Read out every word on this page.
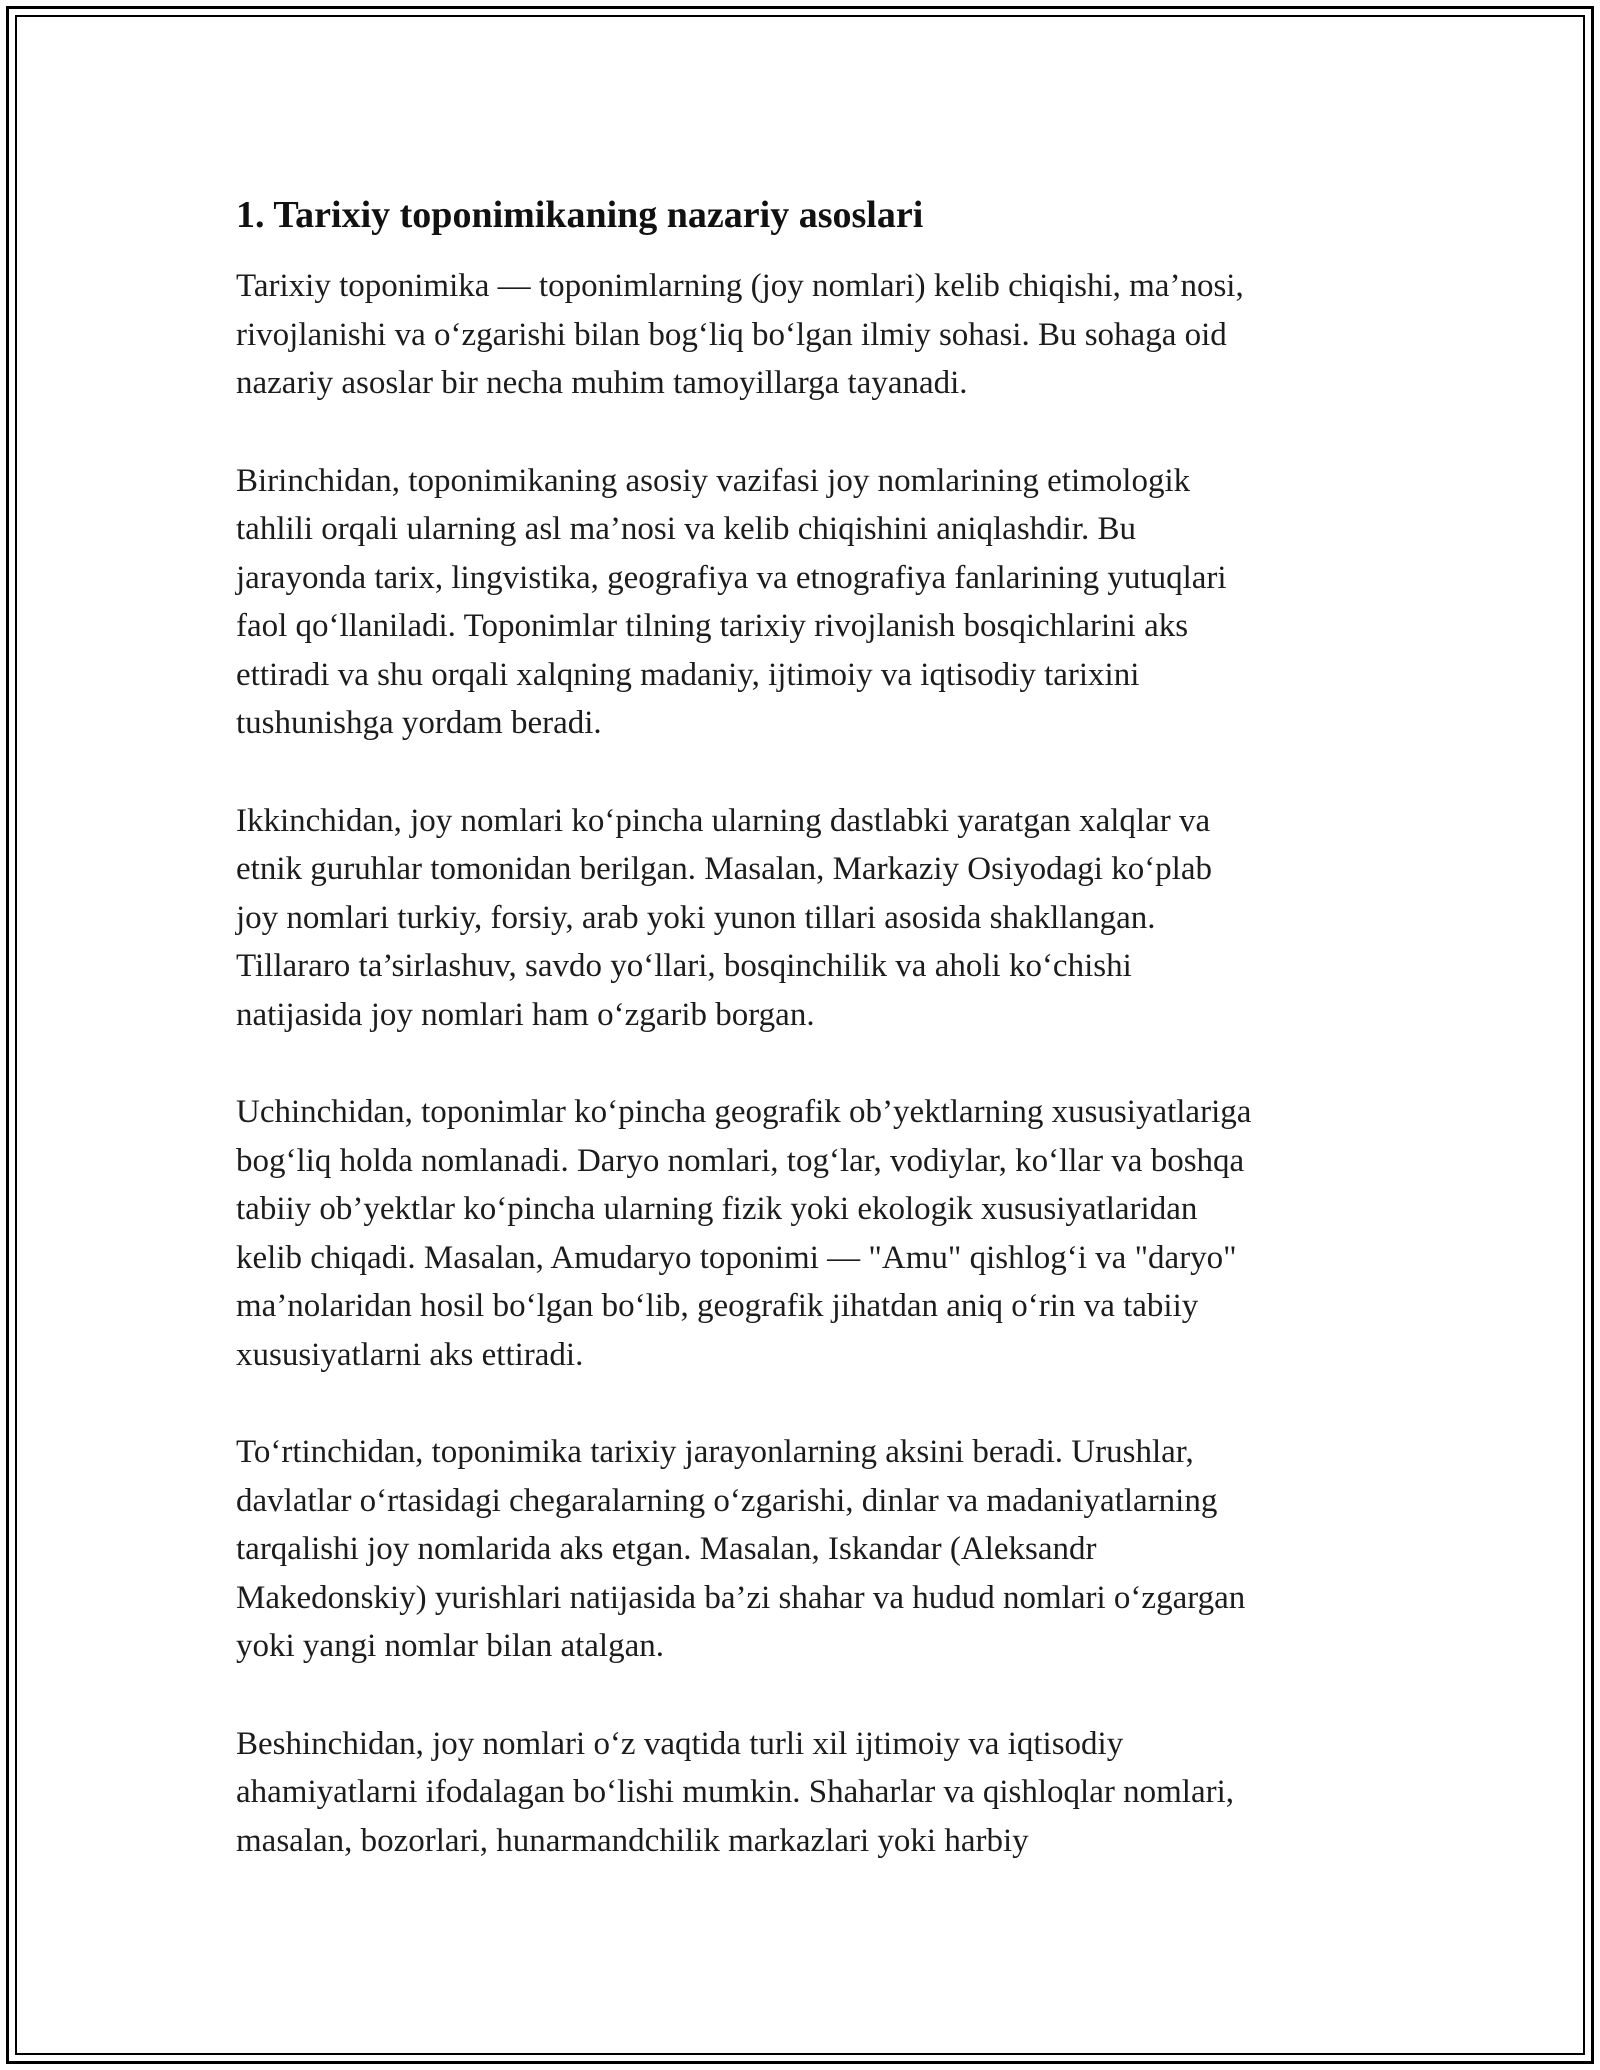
1. Tarixiy toponimikaning nazariy asoslari

Tarixiy toponimika — toponimlarning (joy nomlari) kelib chiqishi, ma’nosi,
rivojlanishi va o‘zgarishi bilan bog‘liq bo‘lgan ilmiy sohasi. Bu sohaga oid
nazariy asoslar bir necha muhim tamoyillarga tayanadi.

Birinchidan, toponimikaning asosiy vazifasi joy nomlarining etimologik
tahlili orqali ularning asl ma’nosi va kelib chiqishini aniqlashdir. Bu
jarayonda tarix, lingvistika, geografiya va etnografiya fanlarining yutuqlari
faol qo‘llaniladi. Toponimlar tilning tarixiy rivojlanish bosqichlarini aks
ettiradi va shu orqali xalqning madaniy, ijtimoiy va iqtisodiy tarixini
tushunishga yordam beradi.

Ikkinchidan, joy nomlari ko‘pincha ularning dastlabki yaratgan xalqlar va
etnik guruhlar tomonidan berilgan. Masalan, Markaziy Osiyodagi ko‘plab
joy nomlari turkiy, forsiy, arab yoki yunon tillari asosida shakllangan.
Tillararo ta’sirlashuv, savdo yo‘llari, bosqinchilik va aholi ko‘chishi
natijasida joy nomlari ham o‘zgarib borgan.

Uchinchidan, toponimlar ko‘pincha geografik ob’yektlarning xususiyatlariga
bog‘liq holda nomlanadi. Daryo nomlari, tog‘lar, vodiylar, ko‘llar va boshqa
tabiiy ob’yektlar ko‘pincha ularning fizik yoki ekologik xususiyatlaridan
kelib chiqadi. Masalan, Amudaryo toponimi — "Amu" qishlog‘i va "daryo"
ma’nolaridan hosil bo‘lgan bo‘lib, geografik jihatdan aniq o‘rin va tabiiy
xususiyatlarni aks ettiradi.

To‘rtinchidan, toponimika tarixiy jarayonlarning aksini beradi. Urushlar,
davlatlar o‘rtasidagi chegaralarning o‘zgarishi, dinlar va madaniyatlarning
tarqalishi joy nomlarida aks etgan. Masalan, Iskandar (Aleksandr
Makedonskiy) yurishlari natijasida ba’zi shahar va hudud nomlari o‘zgargan
yoki yangi nomlar bilan atalgan.

Beshinchidan, joy nomlari o‘z vaqtida turli xil ijtimoiy va iqtisodiy
ahamiyatlarni ifodalagan bo‘lishi mumkin. Shaharlar va qishloqlar nomlari,
masalan, bozorlari, hunarmandchilik markazlari yoki harbiy
